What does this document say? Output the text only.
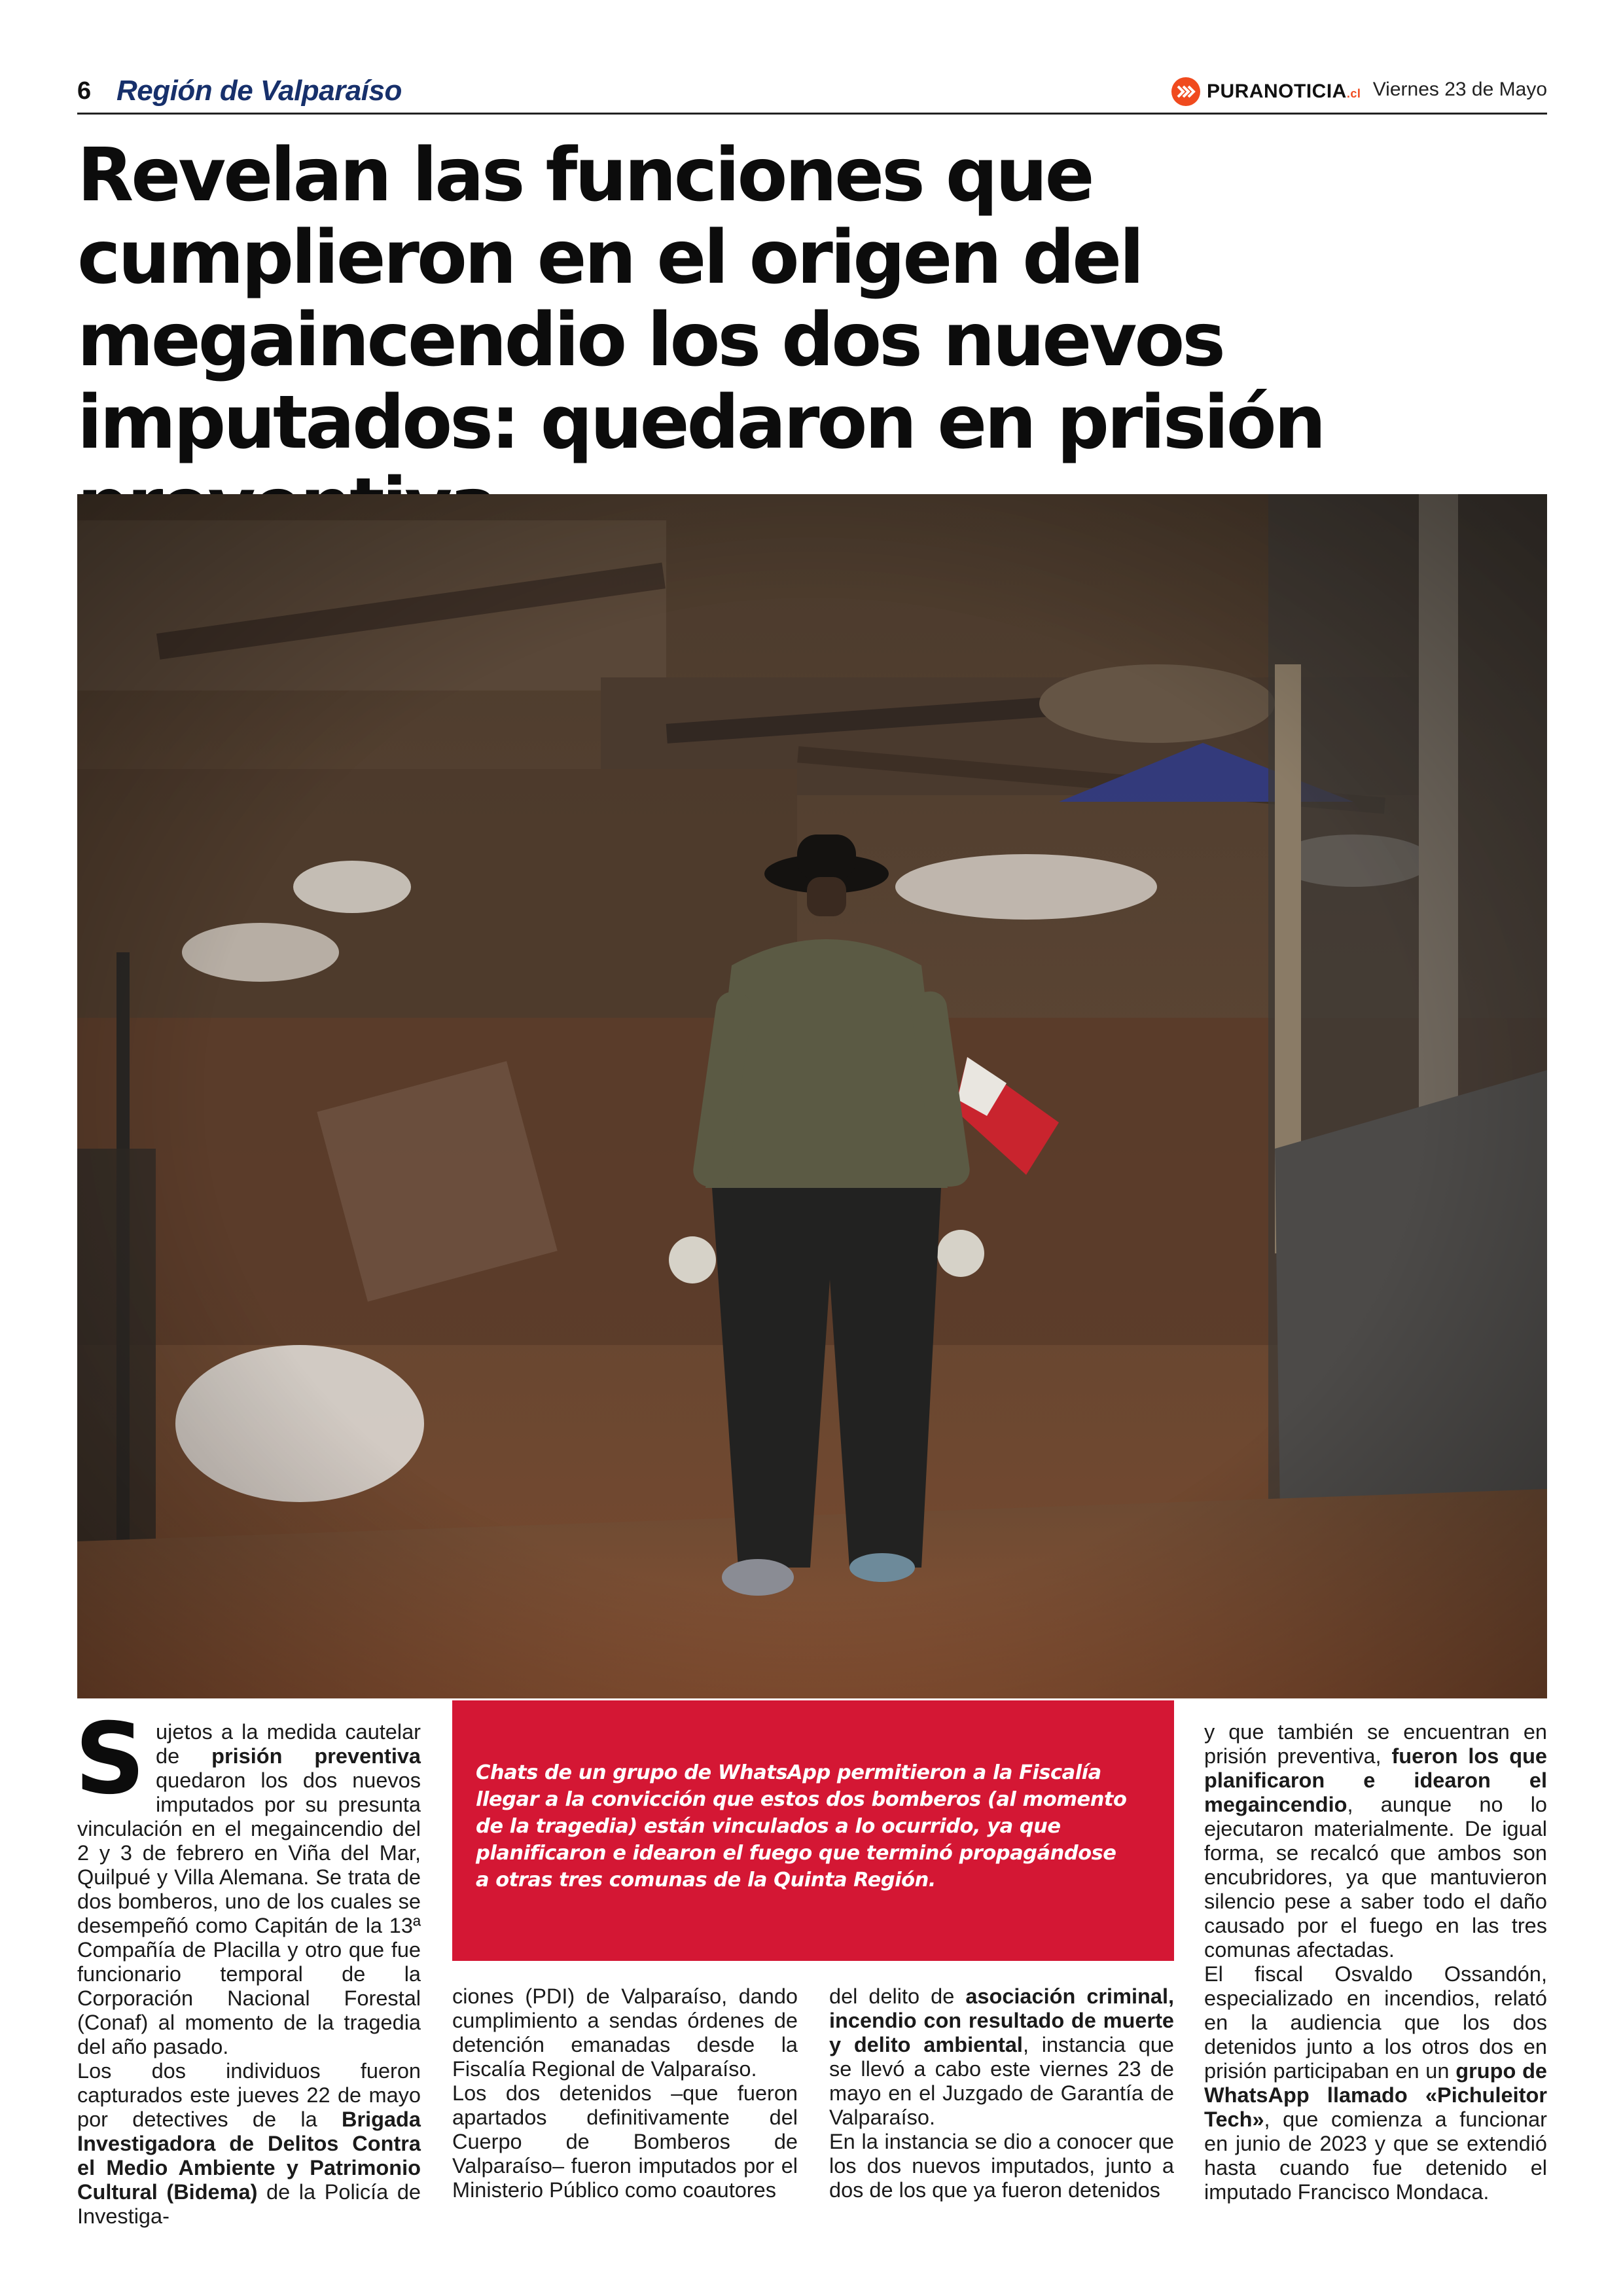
6 Región de Valparaíso	PURANOTICIA.cl Viernes 23 de Mayo
Revelan las funciones que cumplieron en el origen del megaincendio los dos nuevos imputados: quedaron en prisión

Sujetos a la medida cautelar de prisión preventiva quedaron los dos nuevos imputados por su presunta vinculación en el megaincendio del 2 y 3 de febrero en Viña del Mar, Quilpué y Villa Alemana. Se trata de dos bomberos, uno de los cuales se desempeñó como Capitán de la 13ª Compañía de Placilla y otro que fue funcionario temporal de la Corporación Nacional Forestal (Conaf) al momento de la tragedia del año pasado.

Los dos individuos fueron capturados este jueves 22 de mayo por detectives de la Brigada Investigadora de Delitos Contra el Medio Ambiente y Patrimonio Cultural (Bidema) de la Policía de Investiga-

Chats de un grupo de WhatsApp permitieron a la Fiscalía llegar a la convicción que estos dos bomberos (al momento de la tragedia) están vinculados a lo ocurrido, ya que planificaron e idearon el fuego que terminó propagándose a otras tres comunas de la Quinta Región.

ciones (PDI) de Valparaíso, dando cumplimiento a sendas órdenes de detención emanadas desde la Fiscalía Regional de Valparaíso.

Los dos detenidos –que fueron apartados definitivamente del Cuerpo de Bomberos de Valparaíso– fueron imputados por el Ministerio Público como coautores

del delito de asociación criminal, incendio con resultado de muerte y delito ambiental, instancia que se llevó a cabo este viernes 23 de mayo en el Juzgado de Garantía de Valparaíso.

En la instancia se dio a conocer que los dos nuevos imputados, junto a dos de los que ya fueron detenidos

y que también se encuentran en prisión preventiva, fueron los que planificaron e idearon el megaincendio, aunque no lo ejecutaron materialmente. De igual forma, se recalcó que ambos son encubridores, ya que mantuvieron silencio pese a saber todo el daño causado por el fuego en las tres comunas afectadas.

El fiscal Osvaldo Ossandón, especializado en incendios, relató en la audiencia que los dos detenidos junto a los otros dos en prisión participaban en un grupo de WhatsApp llamado «Pichuleitor Tech», que comienza a funcionar en junio de 2023 y que se extendió hasta cuando fue detenido el imputado Francisco Mondaca.
